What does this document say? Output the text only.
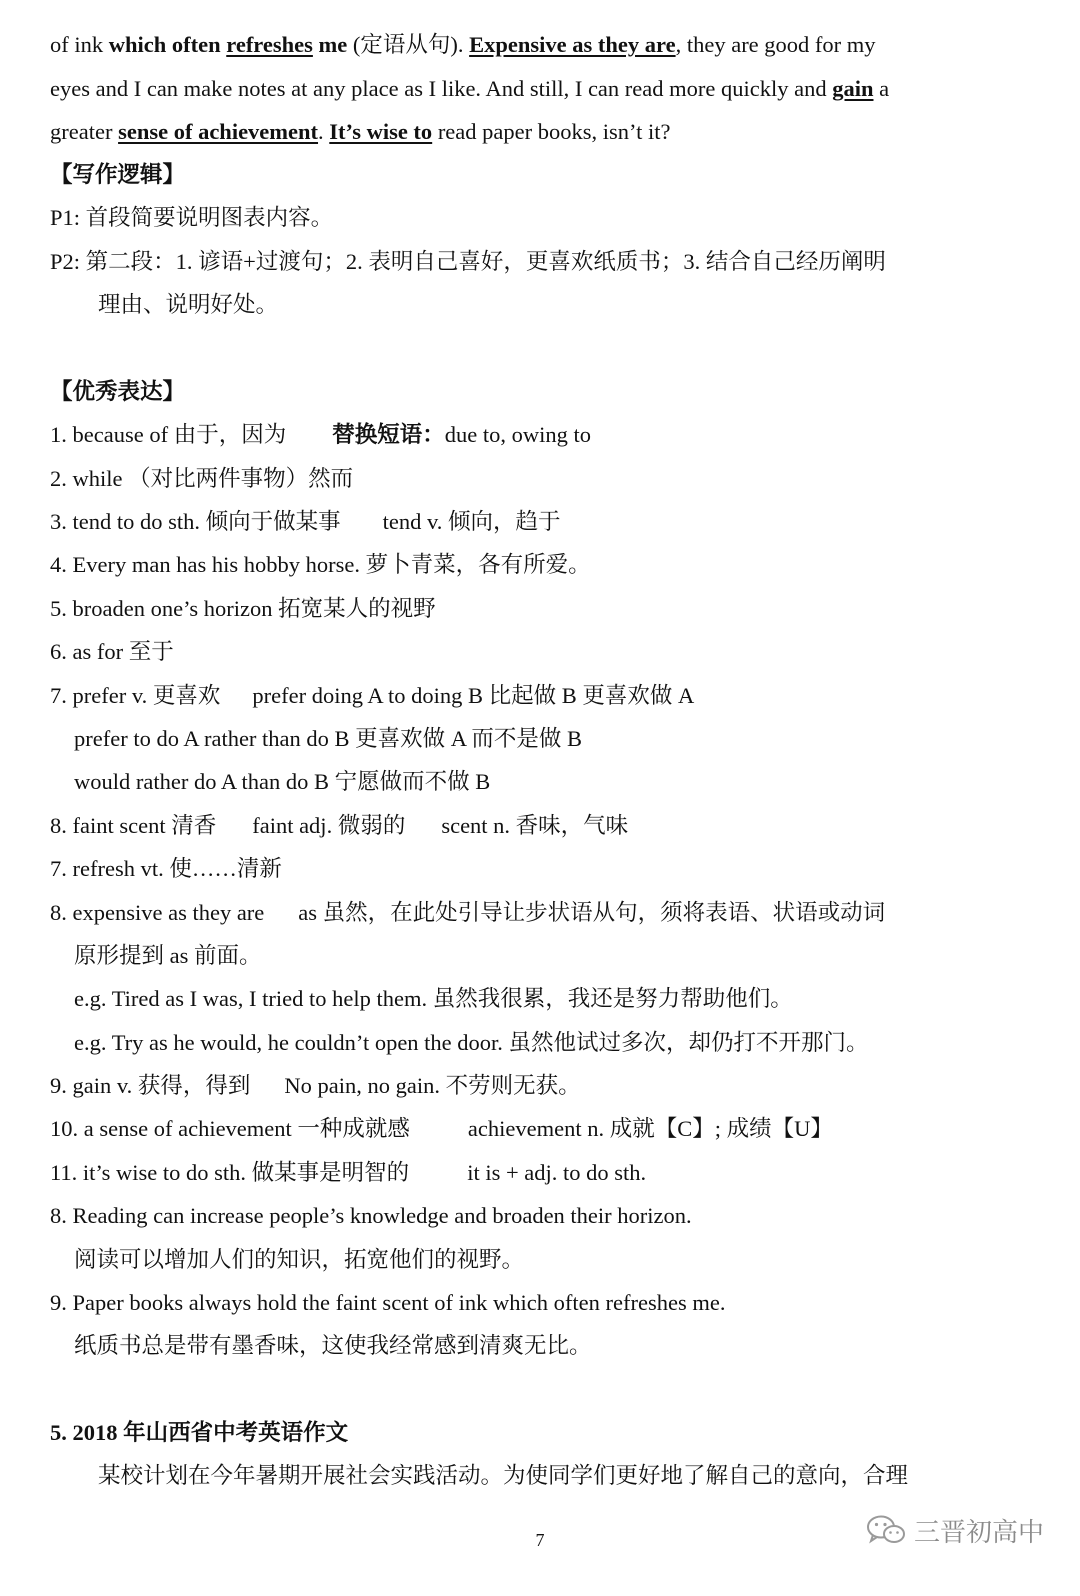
of ink which often refreshes me (定语从句). Expensive as they are, they are good for my
eyes and I can make notes at any place as I like. And still, I can read more quickly and gain a
greater sense of achievement. It’s wise to read paper books, isn’t it?
【写作逻辑】
P1: 首段简要说明图表内容。
P2: 第二段：1. 谚语+过渡句；2. 表明自己喜好，更喜欢纸质书；3. 结合自己经历阐明
理由、说明好处。
【优秀表达】
1. because of 由于，因为 替换短语：due to, owing to
2. while （对比两件事物）然而
3. tend to do sth. 倾向于做某事 tend v. 倾向，趋于
4. Every man has his hobby horse. 萝卜青菜，各有所爱。
5. broaden one’s horizon 拓宽某人的视野
6. as for 至于
7. prefer v. 更喜欢 prefer doing A to doing B 比起做 B 更喜欢做 A
prefer to do A rather than do B 更喜欢做 A 而不是做 B
would rather do A than do B 宁愿做而不做 B
8. faint scent 清香 faint adj. 微弱的 scent n. 香味，气味
7. refresh vt. 使……清新
8. expensive as they are as 虽然，在此处引导让步状语从句，须将表语、状语或动词
原形提到 as 前面。
e.g. Tired as I was, I tried to help them. 虽然我很累，我还是努力帮助他们。
e.g. Try as he would, he couldn’t open the door. 虽然他试过多次，却仍打不开那门。
9. gain v. 获得，得到 No pain, no gain. 不劳则无获。
10. a sense of achievement 一种成就感	achievement n. 成就【C】; 成绩【U】
11. it’s wise to do sth. 做某事是明智的	it is + adj. to do sth.
8. Reading can increase people’s knowledge and broaden their horizon.
阅读可以增加人们的知识，拓宽他们的视野。
9. Paper books always hold the faint scent of ink which often refreshes me.
纸质书总是带有墨香味，这使我经常感到清爽无比。
5. 2018 年山西省中考英语作文
某校计划在今年暑期开展社会实践活动。为使同学们更好地了解自己的意向，合理
7	三晋初高中
